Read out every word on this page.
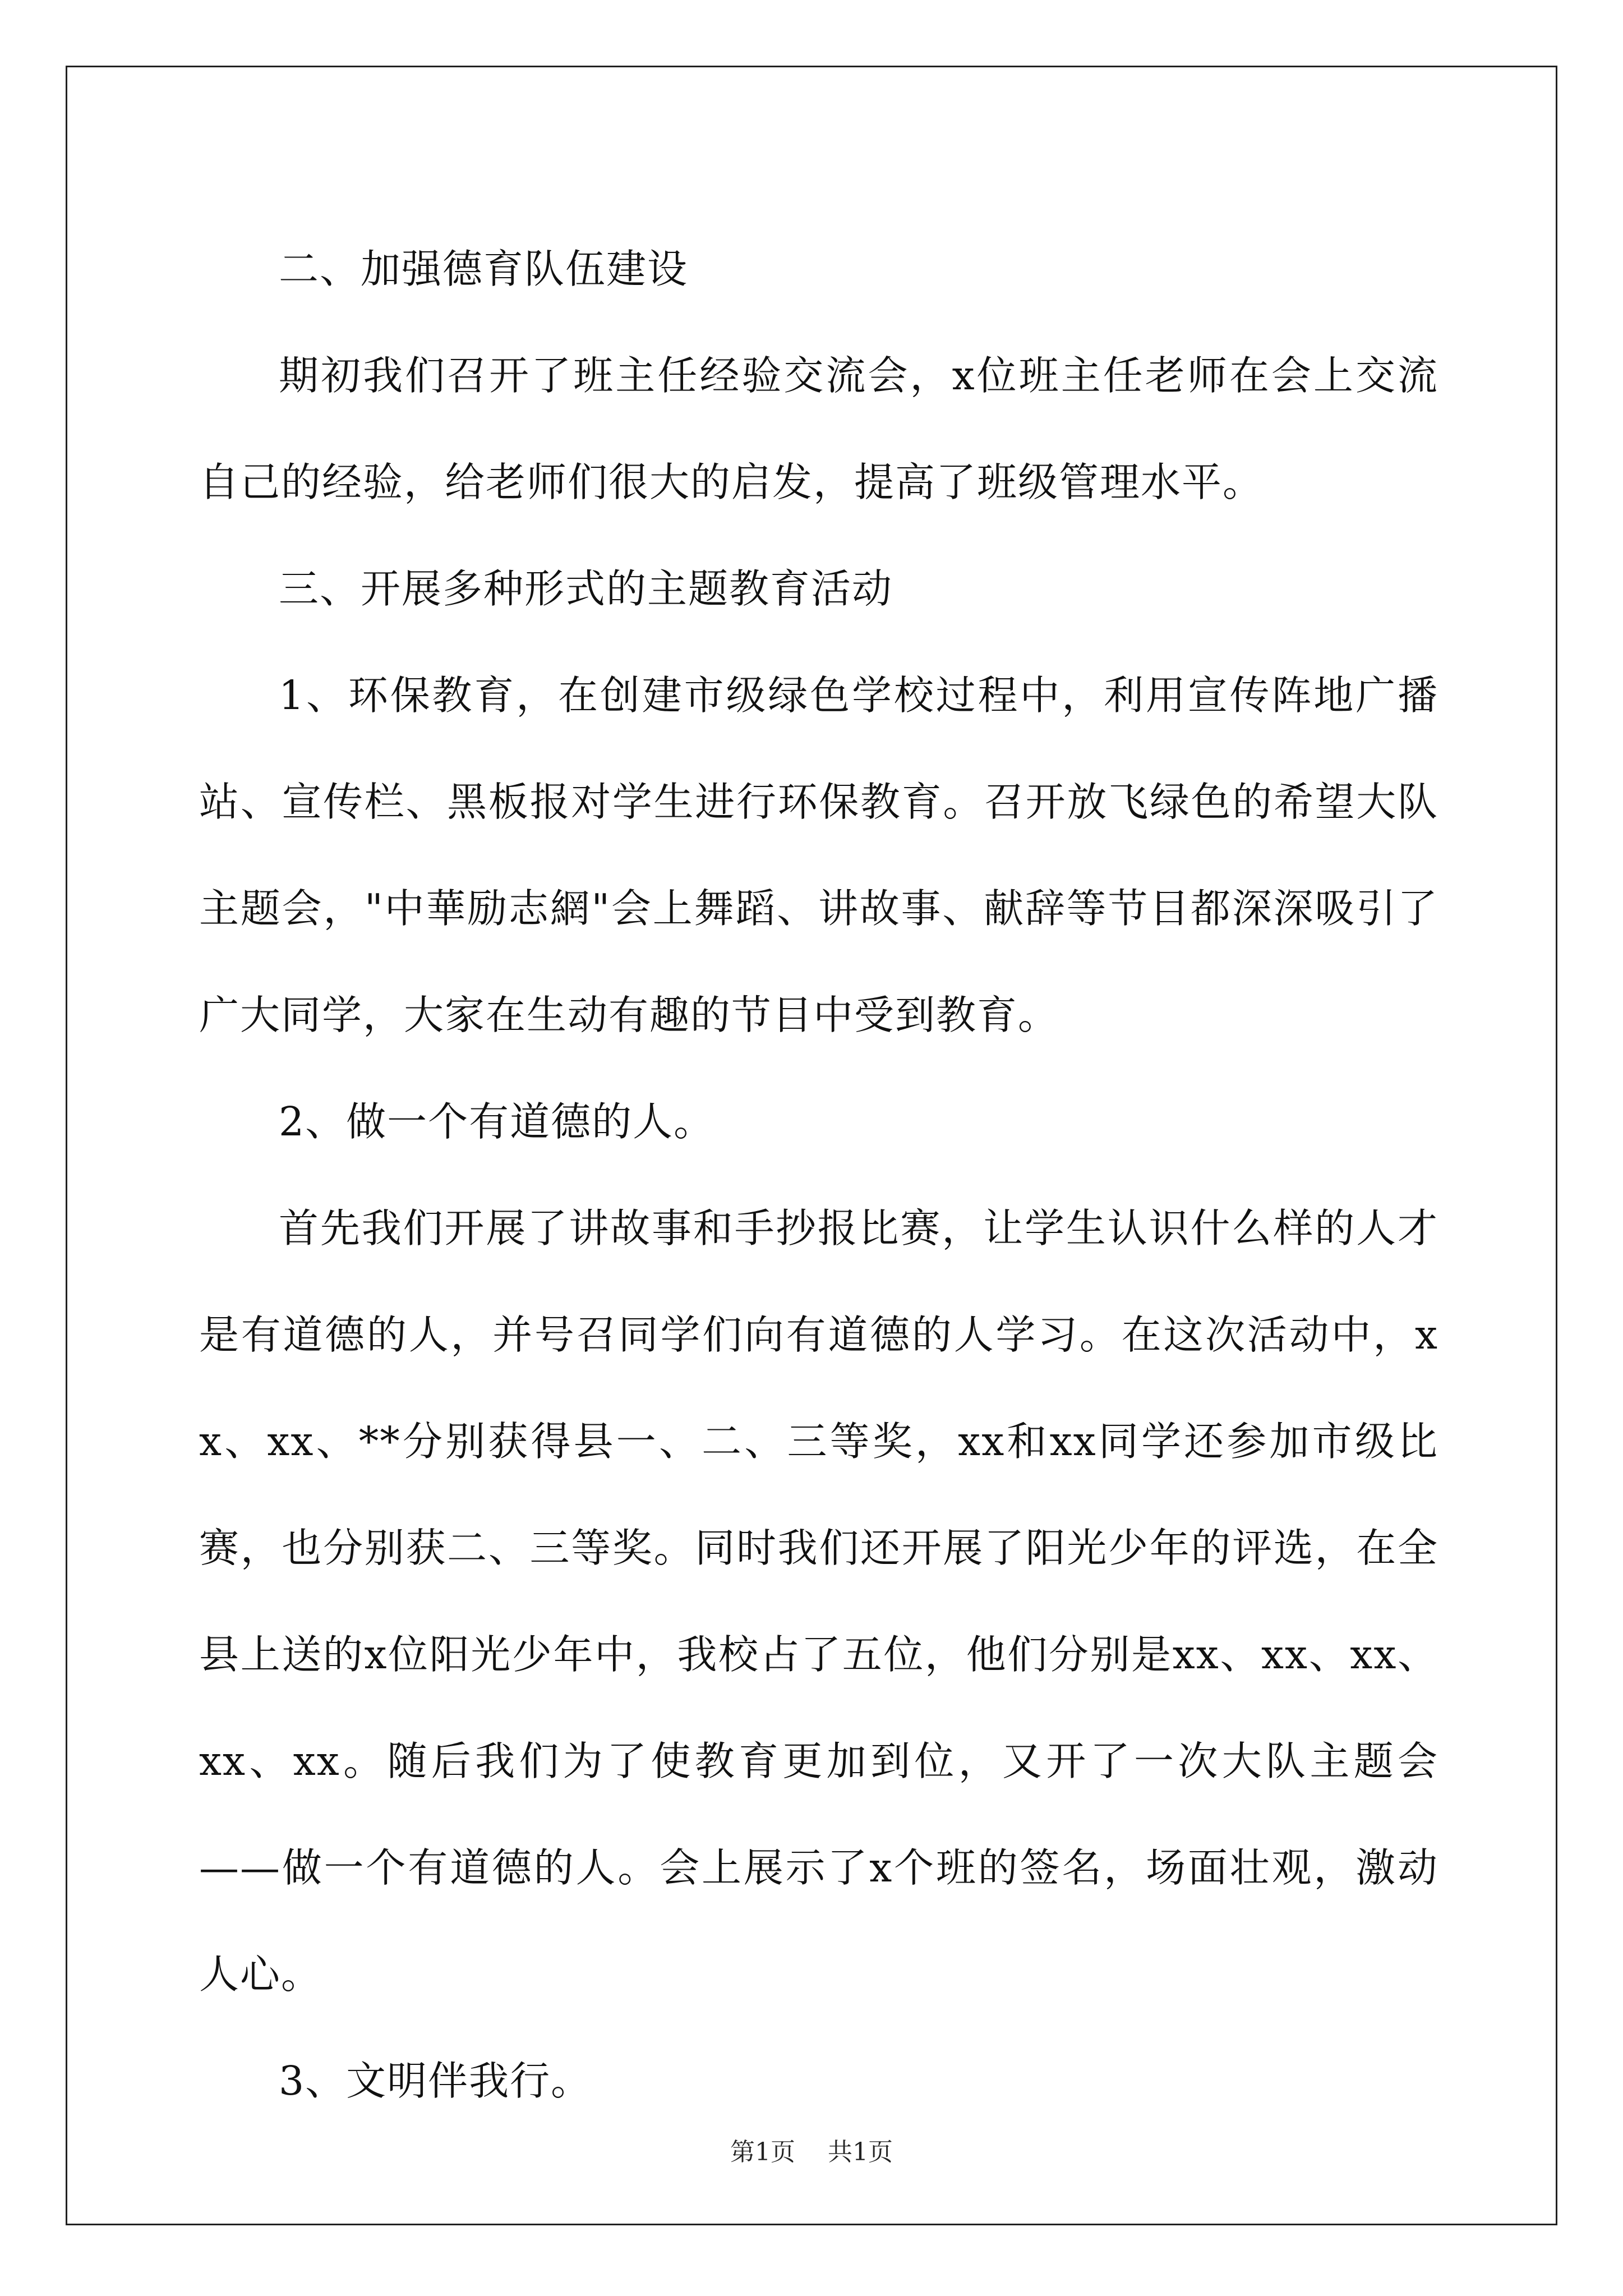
二、加强德育队伍建设

期初我们召开了班主任经验交流会，x位班主任老师在会上交流自己的经验，给老师们很大的启发，提高了班级管理水平。

三、开展多种形式的主题教育活动

1、环保教育，在创建市级绿色学校过程中，利用宣传阵地广播站、宣传栏、黑板报对学生进行环保教育。召开放飞绿色的希望大队主题会，"中華励志網"会上舞蹈、讲故事、献辞等节目都深深吸引了广大同学，大家在生动有趣的节目中受到教育。

2、做一个有道德的人。

首先我们开展了讲故事和手抄报比赛，让学生认识什么样的人才是有道德的人，并号召同学们向有道德的人学习。在这次活动中，xx、xx、**分别获得县一、二、三等奖，xx和xx同学还参加市级比赛，也分别获二、三等奖。同时我们还开展了阳光少年的评选，在全县上送的x位阳光少年中，我校占了五位，他们分别是xx、xx、xx、xx、xx。随后我们为了使教育更加到位，又开了一次大队主题会——做一个有道德的人。会上展示了x个班的签名，场面壮观，激动人心。

3、文明伴我行。

第1页 共1页
